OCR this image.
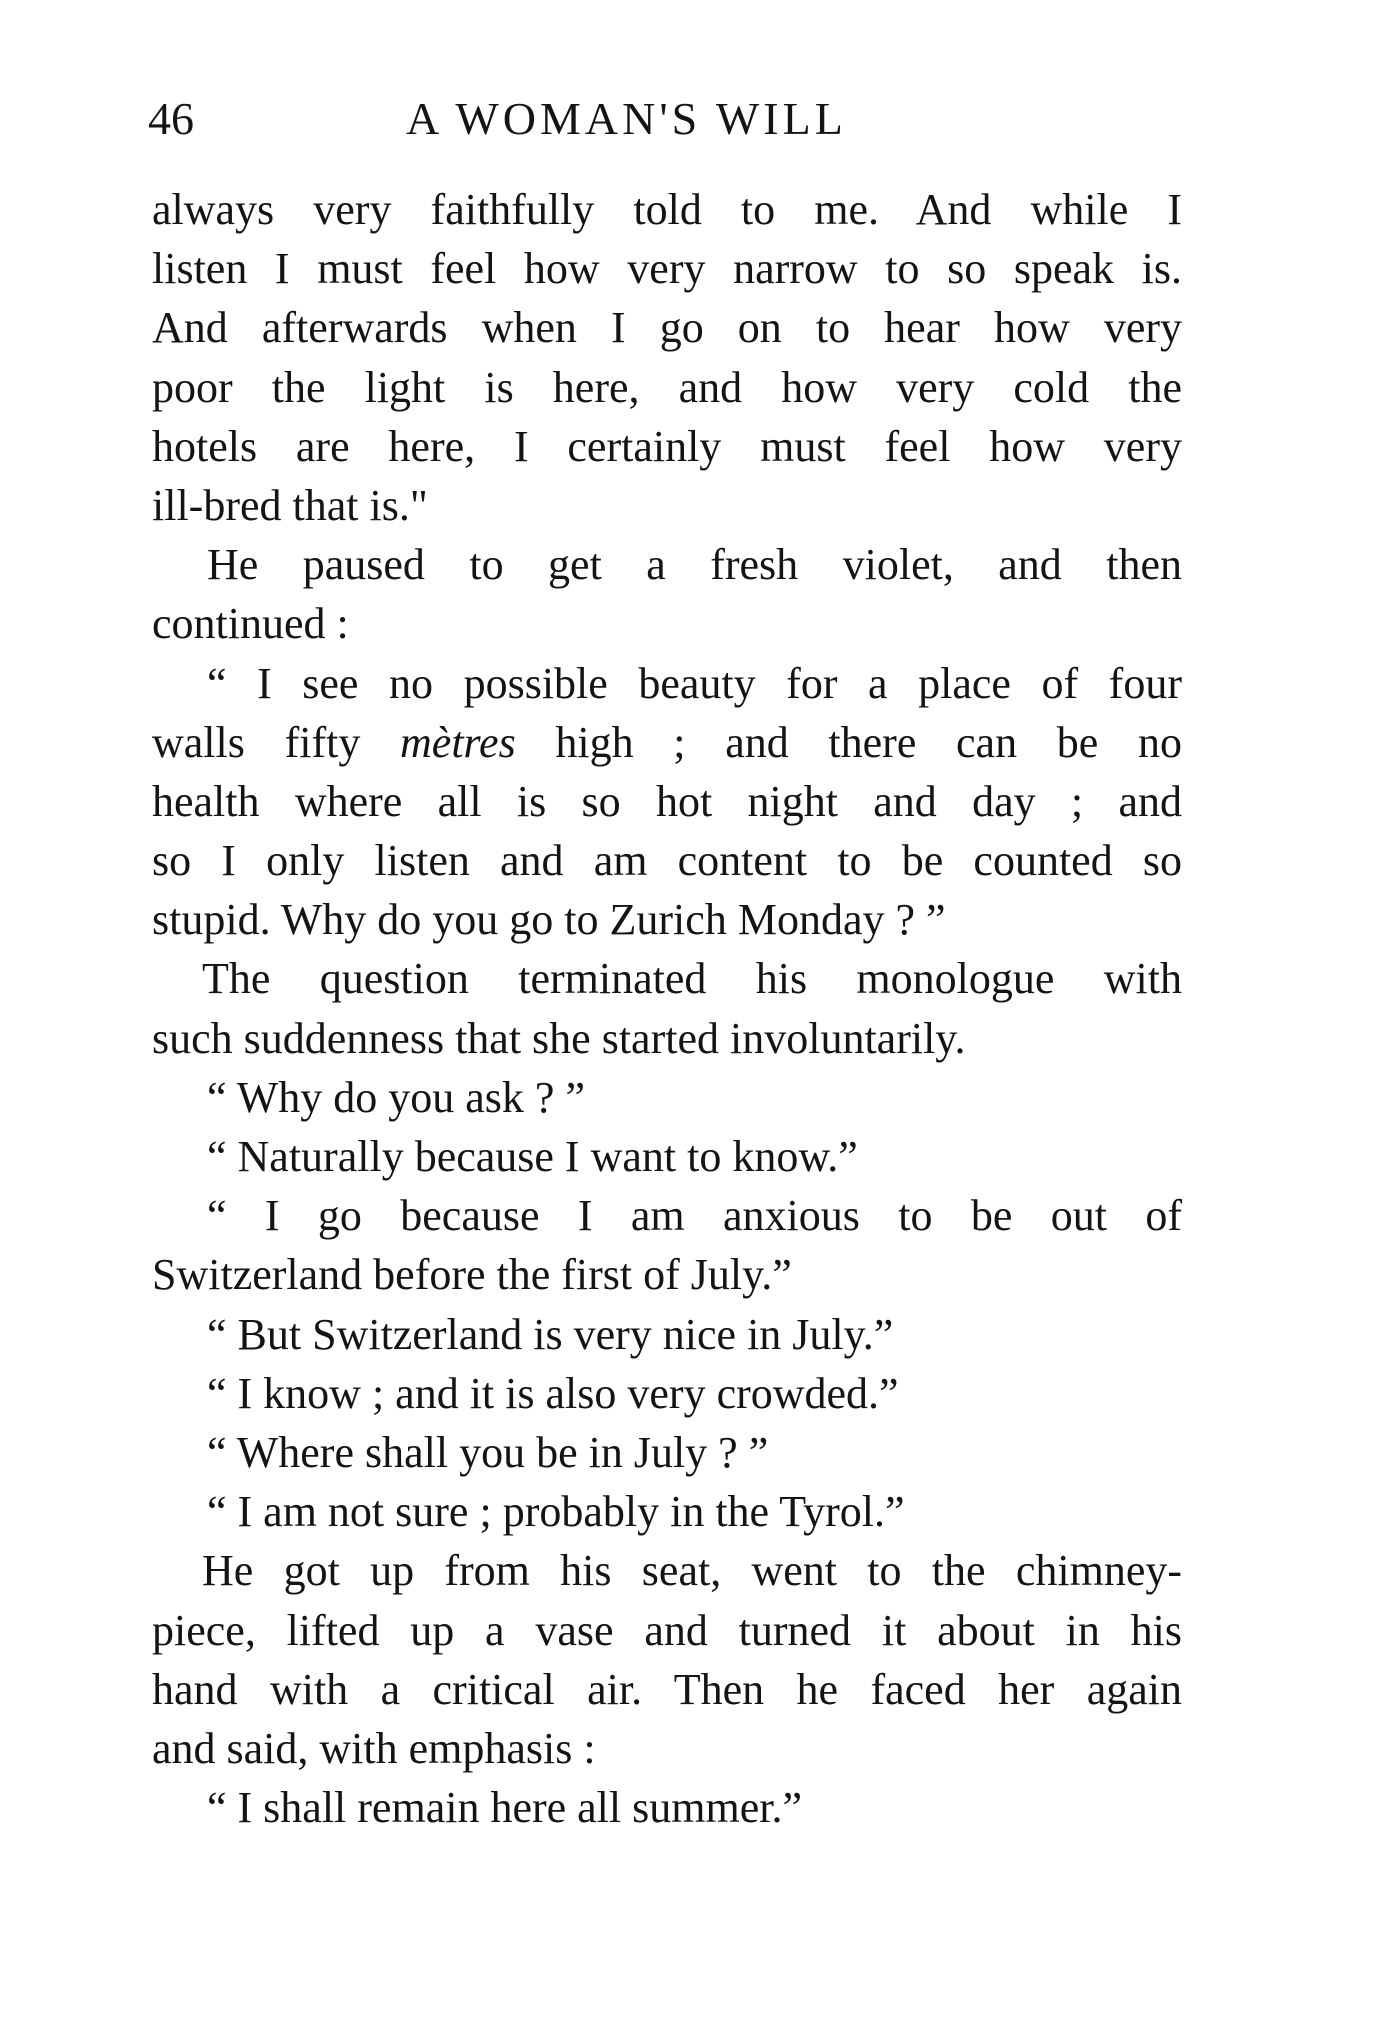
46	A WOMAN'S WILL
always very faithfully told to me. And while I
listen I must feel how very narrow to so speak is.
And afterwards when I go on to hear how very
poor the light is here, and how very cold the
hotels are here, I certainly must feel how very
ill-bred that is."
He paused to get a fresh violet, and then
continued :
“ I see no possible beauty for a place of four
walls fifty mètres high ; and there can be no
health where all is so hot night and day ; and
so I only listen and am content to be counted so
stupid. Why do you go to Zurich Monday ? ”
The question terminated his monologue with
such suddenness that she started involuntarily.
“ Why do you ask ? ”
“ Naturally because I want to know.”
“ I go because I am anxious to be out of
Switzerland before the first of July.”
“ But Switzerland is very nice in July.”
“ I know ; and it is also very crowded.”
“ Where shall you be in July ? ”
“ I am not sure ; probably in the Tyrol.”
He got up from his seat, went to the chimney-
piece, lifted up a vase and turned it about in his
hand with a critical air. Then he faced her again
and said, with emphasis :
“ I shall remain here all summer.”
